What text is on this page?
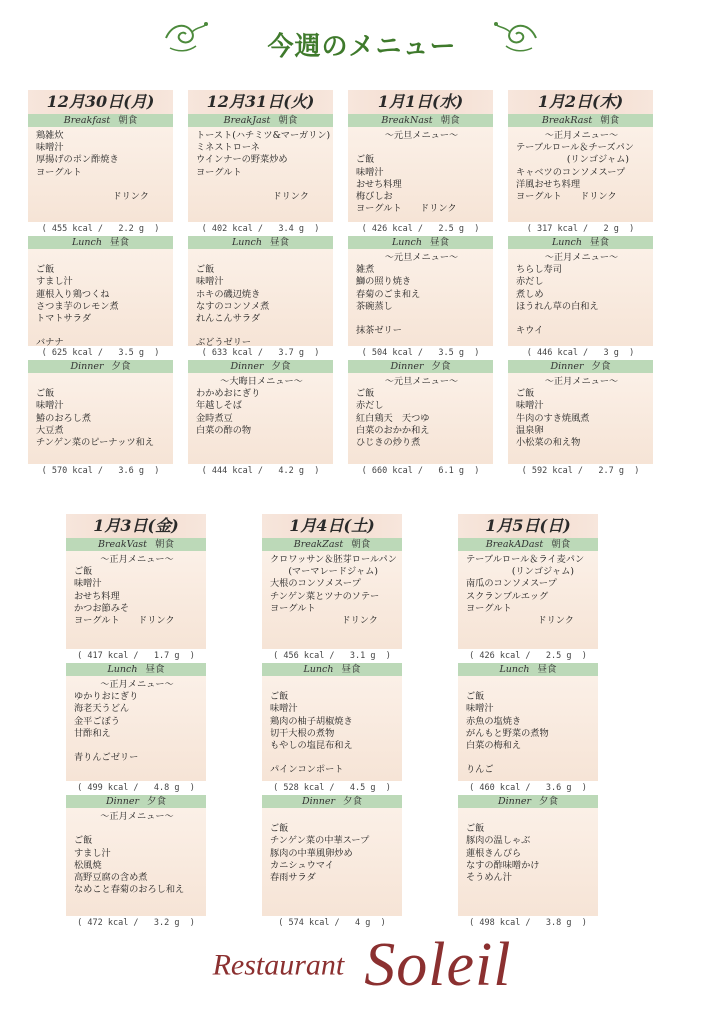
今週のメニュー
12月30日(月)
Breakfast 朝食
鶏雑炊
味噌汁
厚揚げのポン酢焼き
ヨーグルト

ドリンク
( 455 kcal /   2.2 g  )
Lunch 昼食

ご飯
すまし汁
蓮根入り鶏つくね
さつま芋のレモン煮
トマトサラダ

バナナ
( 625 kcal /   3.5 g  )
Dinner 夕食

ご飯
味噌汁
鰆のおろし煮
大豆煮
チンゲン菜のピーナッツ和え
( 570 kcal /   3.6 g  )
12月31日(火)
BreakJast 朝食
トースト(ハチミツ&マーガリン)
ミネストローネ
ウインナーの野菜炒め
ヨーグルト

ドリンク
( 402 kcal /   3.4 g  )
Lunch 昼食

ご飯
味噌汁
ホキの磯辺焼き
なすのコンソメ煮
れんこんサラダ

ぶどうゼリー
( 633 kcal /   3.7 g  )
Dinner 夕食
～大晦日メニュー～
わかめおにぎり
年越しそば
金時煮豆
白菜の酢の物
( 444 kcal /   4.2 g  )
1月1日(水)
BreakNast 朝食
～元旦メニュー～

ご飯
味噌汁
おせち料理
梅びしお
ヨーグルト　　ドリンク
( 426 kcal /   2.5 g  )
Lunch 昼食
～元旦メニュー～
雑煮
鰤の照り焼き
春菊のごま和え
茶碗蒸し

抹茶ゼリー
( 504 kcal /   3.5 g  )
Dinner 夕食
～元旦メニュー～
ご飯
赤だし
紅白鶏天　天つゆ
白菜のおかか和え
ひじきの炒り煮
( 660 kcal /   6.1 g  )
1月2日(木)
BreakRast 朝食
～正月メニュー～
テーブルロール＆チーズパン
(リンゴジャム)
キャベツのコンソメスープ
洋風おせち料理
ヨーグルト　　ドリンク
( 317 kcal /   2 g  )
Lunch 昼食
～正月メニュー～
ちらし寿司
赤だし
煮しめ
ほうれん草の白和え

キウイ
( 446 kcal /   3 g  )
Dinner 夕食
～正月メニュー～
ご飯
味噌汁
牛肉のすき焼風煮
温泉卵
小松菜の和え物
( 592 kcal /   2.7 g  )
1月3日(金)
BreakVast 朝食
～正月メニュー～
ご飯
味噌汁
おせち料理
かつお節みそ
ヨーグルト　　ドリンク
( 417 kcal /   1.7 g  )
Lunch 昼食
～正月メニュー～
ゆかりおにぎり
海老天うどん
金平ごぼう
甘酢和え

青りんごゼリー
( 499 kcal /   4.8 g  )
Dinner 夕食
～正月メニュー～

ご飯
すまし汁
松風焼
高野豆腐の含め煮
なめこと春菊のおろし和え
( 472 kcal /   3.2 g  )
1月4日(土)
BreakZast 朝食
クロワッサン＆胚芽ロールパン
(マーマレードジャム)
大根のコンソメスープ
チンゲン菜とツナのソテー
ヨーグルト
ドリンク
( 456 kcal /   3.1 g  )
Lunch 昼食

ご飯
味噌汁
鶏肉の柚子胡椒焼き
切干大根の煮物
もやしの塩昆布和え

パインコンポート
( 528 kcal /   4.5 g  )
Dinner 夕食

ご飯
チンゲン菜の中華スープ
豚肉の中華風卵炒め
カニシュウマイ
春雨サラダ
( 574 kcal /   4 g  )
1月5日(日)
BreakADast 朝食
テーブルロール＆ライ麦パン
(リンゴジャム)
南瓜のコンソメスープ
スクランブルエッグ
ヨーグルト
ドリンク
( 426 kcal /   2.5 g  )
Lunch 昼食

ご飯
味噌汁
赤魚の塩焼き
がんもと野菜の煮物
白菜の梅和え

りんご
( 460 kcal /   3.6 g  )
Dinner 夕食

ご飯
豚肉の温しゃぶ
蓮根きんぴら
なすの酢味噌かけ
そうめん汁
( 498 kcal /   3.8 g  )
Restaurant Soleil
